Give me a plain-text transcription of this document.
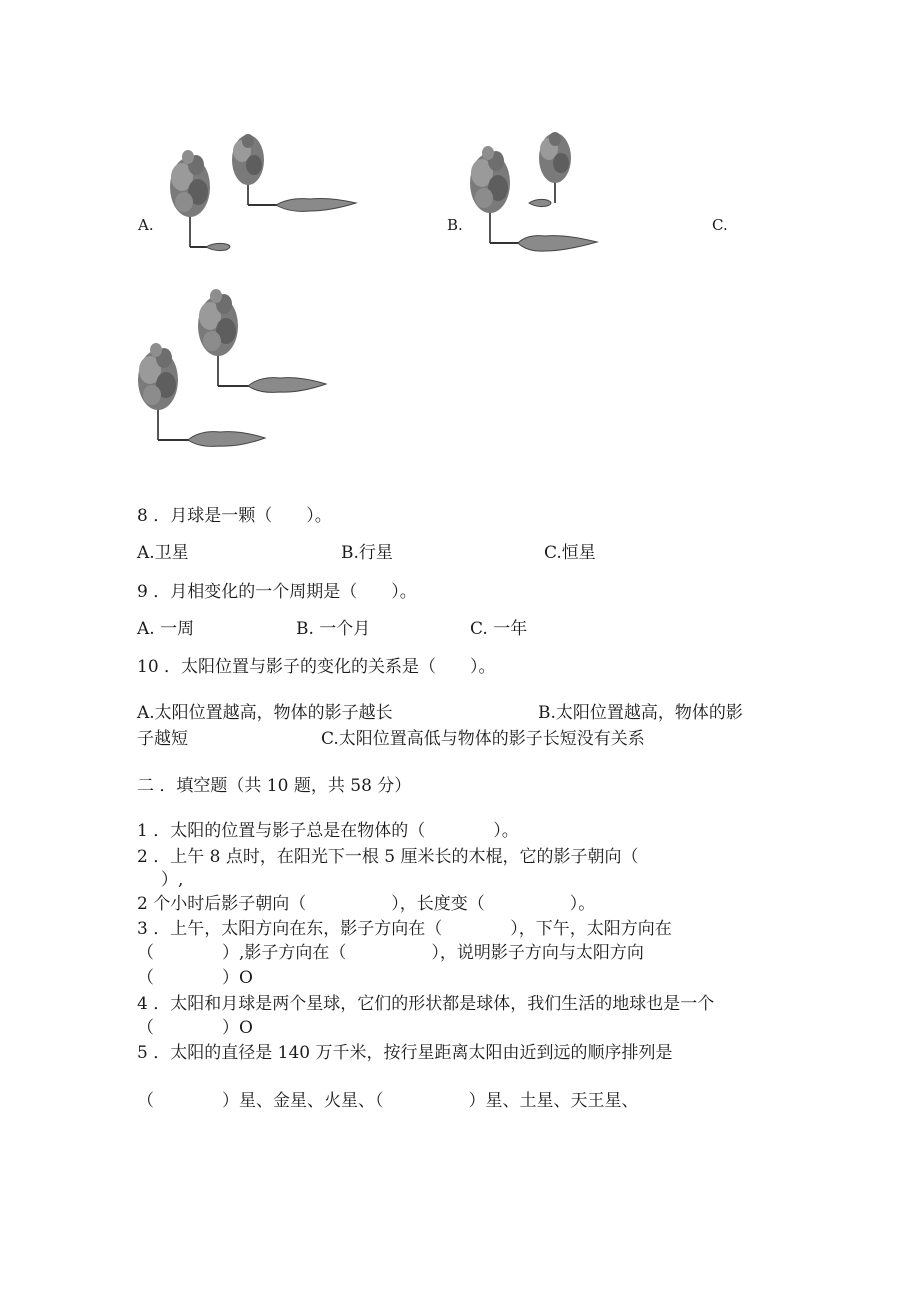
A.	B.	C.
8 ．月球是一颗（　　）。
A.卫星	B.行星	C.恒星
9 ．月相变化的一个周期是（　　）。
A. 一周	B. 一个月	C. 一年
10 ．太阳位置与影子的变化的关系是（　　）。
A.太阳位置越高，物体的影子越长	B.太阳位置越高，物体的影
子越短	C.太阳位置高低与物体的影子长短没有关系
二 ．填空题（共 10 题，共 58 分）
1 ．太阳的位置与影子总是在物体的（　　　　）。
2 ．上午 8 点时，在阳光下一根 5 厘米长的木棍，它的影子朝向（
）,
2 个小时后影子朝向（　　　　　），长度变（　　　　　）。
3 ．上午，太阳方向在东，影子方向在（　　　　），下午，太阳方向在
（　　　　）,影子方向在（　　　　　），说明影子方向与太阳方向
（　　　　）O
4 ．太阳和月球是两个星球，它们的形状都是球体，我们生活的地球也是一个
（　　　　）O
5 ．太阳的直径是 140 万千米，按行星距离太阳由近到远的顺序排列是
（　　　　）星、金星、火星、（　　　　　）星、土星、天王星、
